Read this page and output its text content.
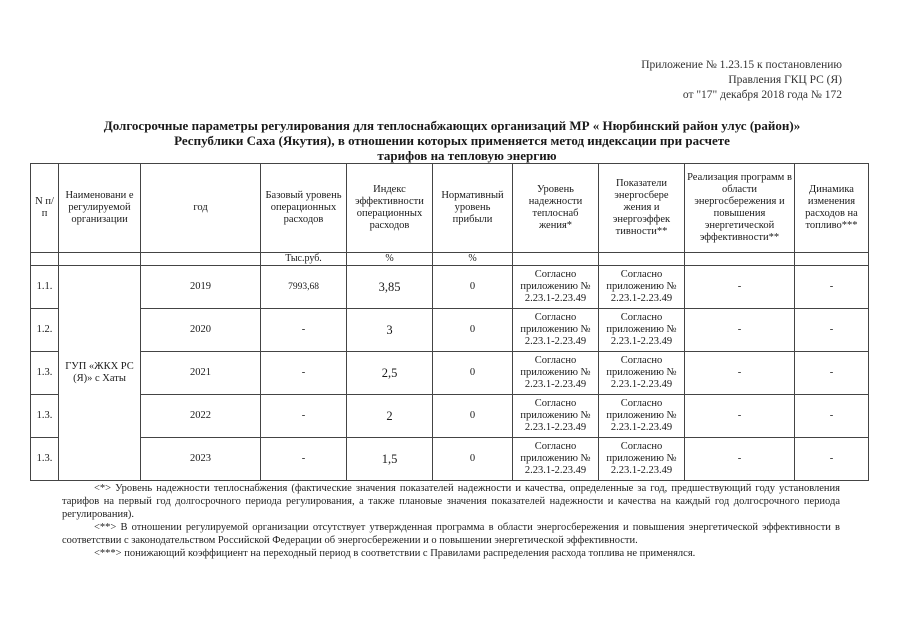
Приложение № 1.23.15 к постановлению
Правления ГКЦ РС (Я)
от "17" декабря 2018 года № 172
Долгосрочные параметры регулирования для теплоснабжающих организаций МР « Нюрбинский район улус (район)»
Республики Саха (Якутия), в отношении которых применяется метод индексации при расчете
тарифов на тепловую энергию
N п/п	Наименовани е регулируемой организации	год	Базовый уровень операционных расходов	Индекс эффективности операционных расходов	Нормативный уровень прибыли	Уровень надежности теплоснаб жения*	Показатели энергосбере жения и энергоэффек тивности**	Реализация программ в области энергосбережения и повышения энергетической эффективности**	Динамика изменения расходов на топливо***
			Тыс.руб.	%	%				
1.1.	ГУП «ЖКХ РС (Я)» с Хаты	2019	7993,68	3,85	0	Согласно приложению № 2.23.1-2.23.49	Согласно приложению № 2.23.1-2.23.49	-	-
1.2.		2020	-	3	0	Согласно приложению № 2.23.1-2.23.49	Согласно приложению № 2.23.1-2.23.49	-	-
1.3.		2021	-	2,5	0	Согласно приложению № 2.23.1-2.23.49	Согласно приложению № 2.23.1-2.23.49	-	-
1.3.		2022	-	2	0	Согласно приложению № 2.23.1-2.23.49	Согласно приложению № 2.23.1-2.23.49	-	-
1.3.		2023	-	1,5	0	Согласно приложению № 2.23.1-2.23.49	Согласно приложению № 2.23.1-2.23.49	-	-

<*> Уровень надежности теплоснабжения (фактические значения показателей надежности и качества, определенные за год, предшествующий году установления тарифов на первый год долгосрочного периода регулирования, а также плановые значения показателей надежности и качества на каждый год долгосрочного периода регулирования).

<**> В отношении регулируемой организации отсутствует утвержденная программа в области энергосбережения и повышения энергетической эффективности в соответствии с законодательством Российской Федерации об энергосбережении и о повышении энергетической эффективности.

<***> понижающий коэффициент на переходный период в соответствии с Правилами распределения расхода топлива не применялся.
